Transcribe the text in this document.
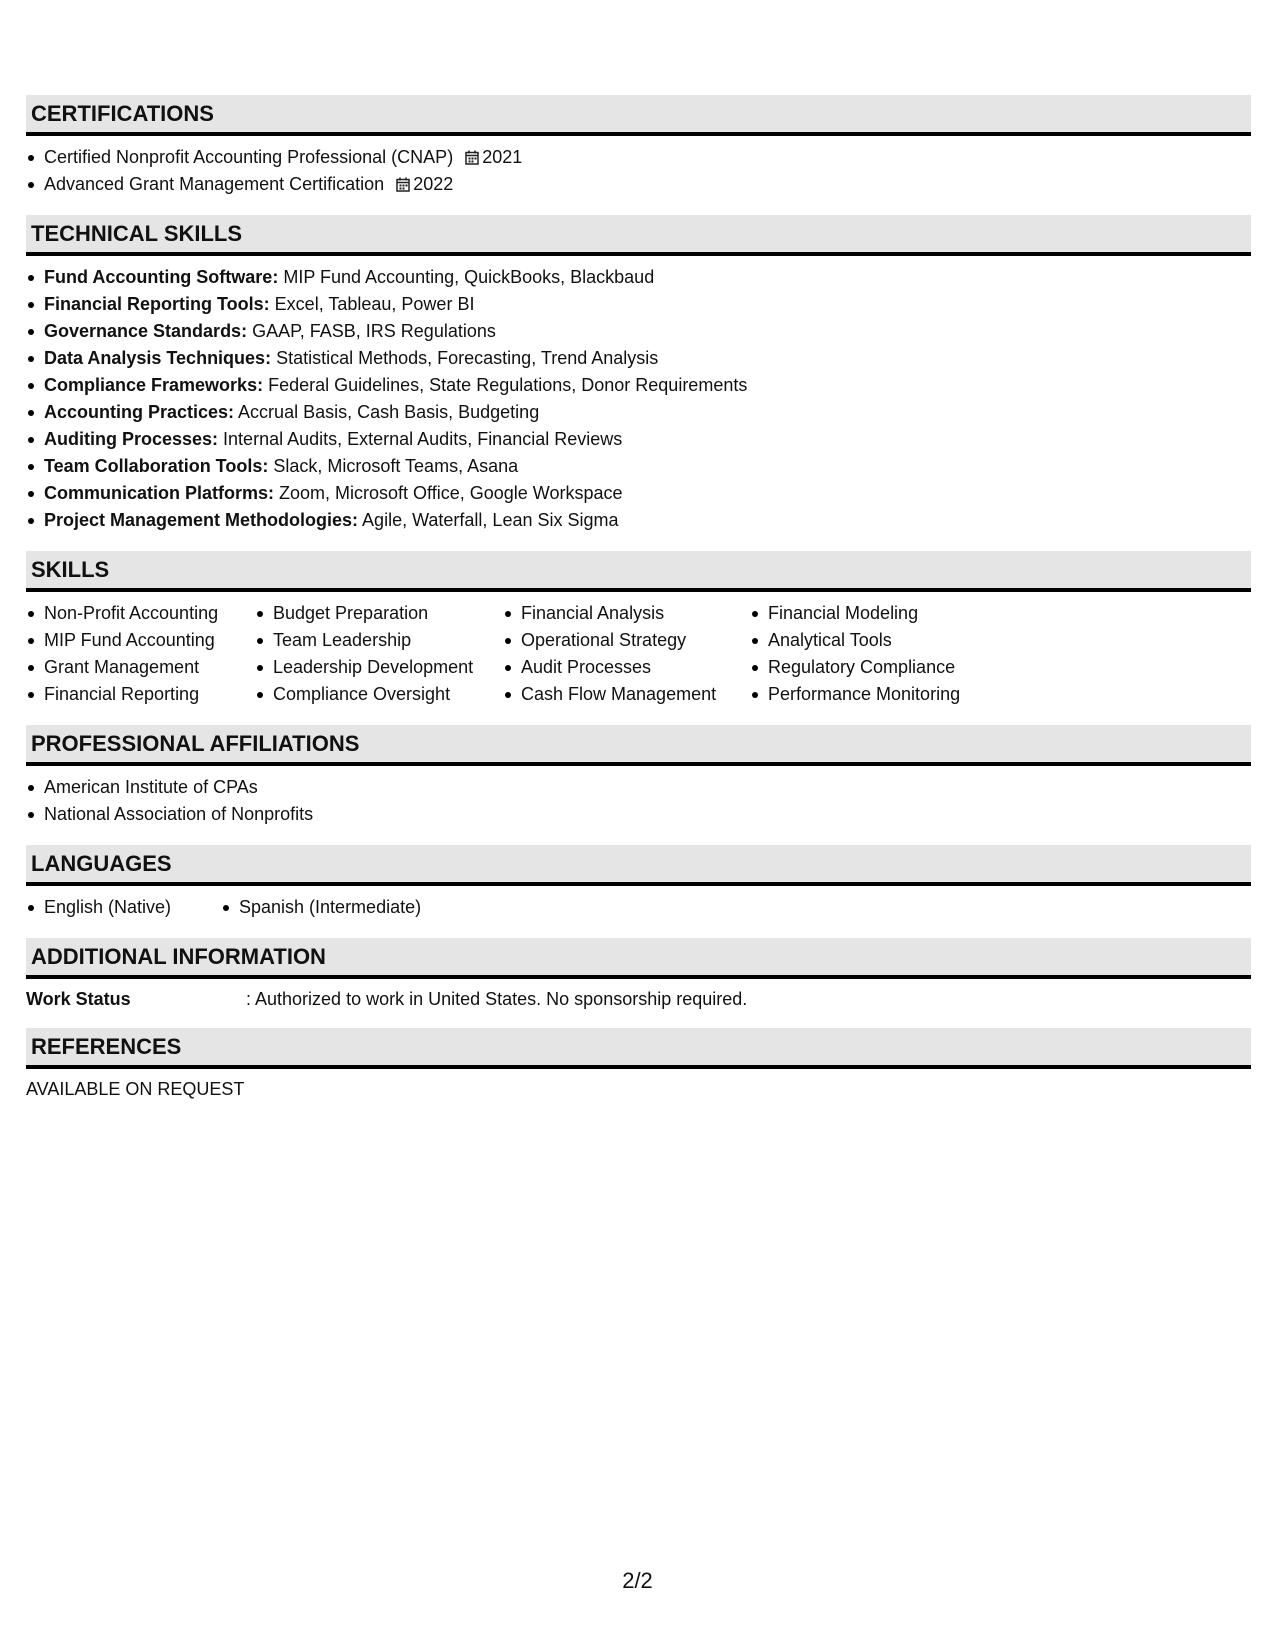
CERTIFICATIONS
Certified Nonprofit Accounting Professional (CNAP) 2021
Advanced Grant Management Certification 2022
TECHNICAL SKILLS
Fund Accounting Software: MIP Fund Accounting, QuickBooks, Blackbaud
Financial Reporting Tools: Excel, Tableau, Power BI
Governance Standards: GAAP, FASB, IRS Regulations
Data Analysis Techniques: Statistical Methods, Forecasting, Trend Analysis
Compliance Frameworks: Federal Guidelines, State Regulations, Donor Requirements
Accounting Practices: Accrual Basis, Cash Basis, Budgeting
Auditing Processes: Internal Audits, External Audits, Financial Reviews
Team Collaboration Tools: Slack, Microsoft Teams, Asana
Communication Platforms: Zoom, Microsoft Office, Google Workspace
Project Management Methodologies: Agile, Waterfall, Lean Six Sigma
SKILLS
Non-Profit Accounting
MIP Fund Accounting
Grant Management
Financial Reporting
Budget Preparation
Team Leadership
Leadership Development
Compliance Oversight
Financial Analysis
Operational Strategy
Audit Processes
Cash Flow Management
Financial Modeling
Analytical Tools
Regulatory Compliance
Performance Monitoring
PROFESSIONAL AFFILIATIONS
American Institute of CPAs
National Association of Nonprofits
LANGUAGES
English (Native)	Spanish (Intermediate)
ADDITIONAL INFORMATION
Work Status	: Authorized to work in United States. No sponsorship required.
REFERENCES
AVAILABLE ON REQUEST
2/2
